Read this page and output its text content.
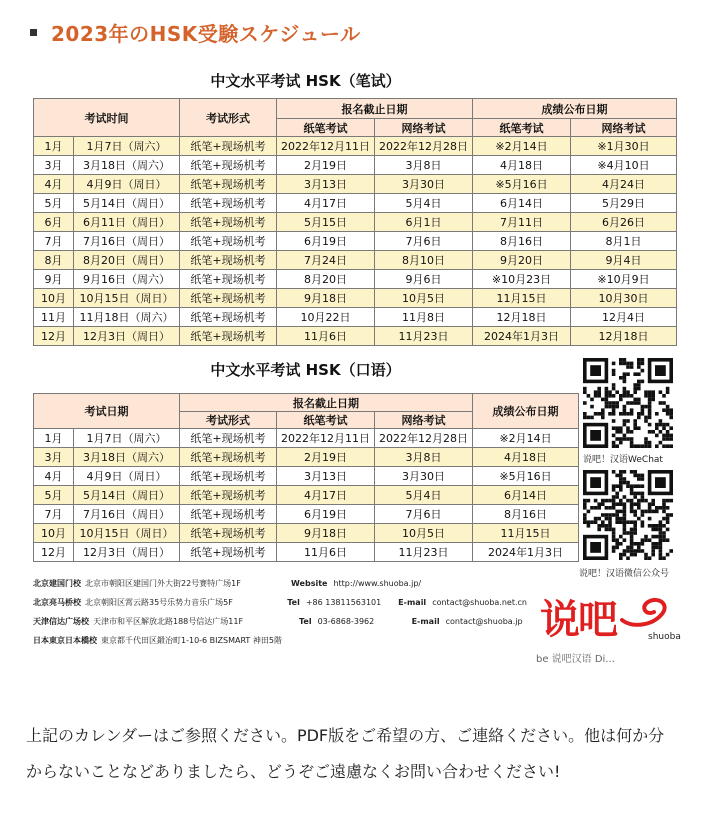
2023年のHSK受験スケジュール
中文水平考试 HSK（笔试）
考试时间		考试形式	报名截止日期		成绩公布日期	
			纸笔考试	网络考试	纸笔考试	网络考试
1月	1月7日（周六）	纸笔+现场机考	2022年12月11日	2022年12月28日	※2月14日	※1月30日
3月	3月18日（周六）	纸笔+现场机考	2月19日	3月8日	4月18日	※4月10日
4月	4月9日（周日）	纸笔+现场机考	3月13日	3月30日	※5月16日	4月24日
5月	5月14日（周日）	纸笔+现场机考	4月17日	5月4日	6月14日	5月29日
6月	6月11日（周日）	纸笔+现场机考	5月15日	6月1日	7月11日	6月26日
7月	7月16日（周日）	纸笔+现场机考	6月19日	7月6日	8月16日	8月1日
8月	8月20日（周日）	纸笔+现场机考	7月24日	8月10日	9月20日	9月4日
9月	9月16日（周六）	纸笔+现场机考	8月20日	9月6日	※10月23日	※10月9日
10月	10月15日（周日）	纸笔+现场机考	9月18日	10月5日	11月15日	10月30日
11月	11月18日（周六）	纸笔+现场机考	10月22日	11月8日	12月18日	12月4日
12月	12月3日（周日）	纸笔+现场机考	11月6日	11月23日	2024年1月3日	12月18日
中文水平考试 HSK（口语）
考试日期		报名截止日期			成绩公布日期
		考试形式	纸笔考试	网络考试	
1月	1月7日（周六）	纸笔+现场机考	2022年12月11日	2022年12月28日	※2月14日
3月	3月18日（周六）	纸笔+现场机考	2月19日	3月8日	4月18日
4月	4月9日（周日）	纸笔+现场机考	3月13日	3月30日	※5月16日
5月	5月14日（周日）	纸笔+现场机考	4月17日	5月4日	6月14日
7月	7月16日（周日）	纸笔+现场机考	6月19日	7月6日	8月16日
10月	10月15日（周日）	纸笔+现场机考	9月18日	10月5日	11月15日
12月	12月3日（周日）	纸笔+现场机考	11月6日	11月23日	2024年1月3日
说吧！汉语WeChat
说吧！汉语微信公众号
北京建国门校 北京市朝阳区建国门外大街22号赛特广场1F	Website http://www.shuoba.jp/
北京亮马桥校 北京朝阳区霄云路35号乐势力音乐广场5F	Tel +86 13811563101	E-mail contact@shuoba.net.cn
天津信达广场校 天津市和平区解放北路188号信达广场11F	Tel 03-6868-3962	E-mail contact@shuoba.jp
日本東京日本橋校 東京都千代田区鍛冶町1-10-6 BIZSMART 神田5階	说吧	shuoba
be 说吧汉语 Di...
上記のカレンダーはご参照ください。PDF版をご希望の方、ご連絡ください。他は何か分からないことなどありましたら、どうぞご遠慮なくお問い合わせください!
